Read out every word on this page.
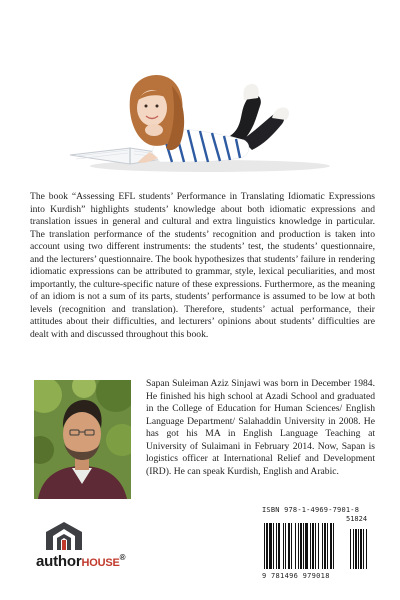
The book “Assessing EFL students’ Performance in Translating Idiomatic Expressions into Kurdish” highlights students’ knowledge about both idiomatic expressions and translation issues in general and cultural and extra linguistics knowledge in particular. The translation performance of the students’ recognition and production is taken into account using two different instruments: the students’ test, the students’ questionnaire, and the lecturers’ questionnaire. The book hypothesizes that students’ failure in rendering idiomatic expressions can be attributed to grammar, style, lexical peculiarities, and most importantly, the culture-specific nature of these expressions. Furthermore, as the meaning of an idiom is not a sum of its parts, students’ performance is assumed to be low at both levels (recognition and translation). Therefore, students’ actual performance, their attitudes about their difficulties, and lecturers’ opinions about students’ difficulties are dealt with and discussed throughout this book.

Sapan Suleiman Aziz Sinjawi was born in December 1984. He finished his high school at Azadi School and graduated in the College of Education for Human Sciences/ English Language Department/ Salahaddin University in 2008. He has got his MA in English Language Teaching at University of Sulaimani in February 2014. Now, Sapan is logistics officer at International Relief and Development (IRD). He can speak Kurdish, English and Arabic.

authorHOUSE®
ISBN 978-1-4969-7901-8
51824
9 781496 979018
